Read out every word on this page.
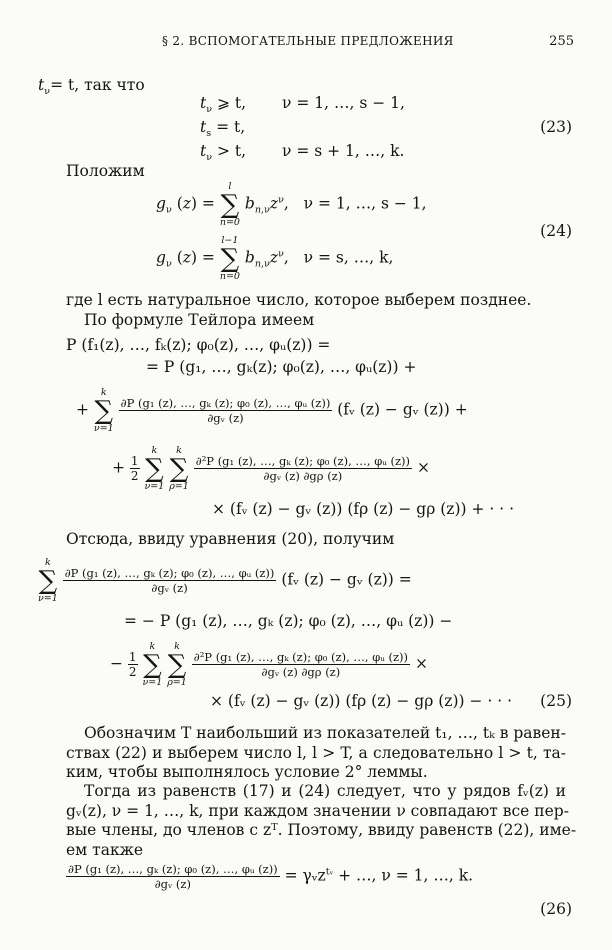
§ 2. ВСПОМОГАТЕЛЬНЫЕ ПРЕДЛОЖЕНИЯ	255
$t_\nu= t$, так что
$t_\nu$ ⩾ t, ν = 1, …, s − 1,
$t_s = t$,
$t_\nu > t$, ν = s + 1, …, k.
(23)
Положим
$g_\nu$ (z) =
l
∑
n=0
$b_{n,\nu}z^\nu$,   ν = 1, …, s − 1,
$g_\nu$ (z) =
l−1
∑
n=0
$b_{n,\nu}z^\nu$,   ν = s, …, k,
(24)
где l есть натуральное число, которое выберем позднее.
По формуле Тейлора имеем
P (f₁(z), …, fₖ(z); φ₀(z), …, φᵤ(z)) =
= P (g₁, …, gₖ(z); φ₀(z), …, φᵤ(z)) +
+
k
∑
ν=1

$\frac{\text{∂P (g₁ (z), …, gₖ (z); φ₀ (z), …, φᵤ (z))}}{\text{∂gᵥ (z)}}$ (fᵥ (z) − gᵥ (z)) +
+ $\frac{1}{2}$

k
∑
ν=1

k
∑
ρ=1

$\frac{\text{∂²P (g₁ (z), …, gₖ (z); φ₀ (z), …, φᵤ (z))}}{\text{∂gᵥ (z) ∂gρ (z)}}$ ×
× (fᵥ (z) − gᵥ (z)) (fρ (z) − gρ (z)) + · · ·
Отсюда, ввиду уравнения (20), получим
k
∑
ν=1

$\frac{\text{∂P (g₁ (z), …, gₖ (z); φ₀ (z), …, φᵤ (z))}}{\text{∂gᵥ (z)}}$ (fᵥ (z) − gᵥ (z)) =
= − P (g₁ (z), …, gₖ (z); φ₀ (z), …, φᵤ (z)) −
− $\frac{1}{2}$

k
∑
ν=1

k
∑
ρ=1

$\frac{\text{∂²P (g₁ (z), …, gₖ (z); φ₀ (z), …, φᵤ (z))}}{\text{∂gᵥ (z) ∂gρ (z)}}$ ×
× (fᵥ (z) − gᵥ (z)) (fρ (z) − gρ (z)) − · · · (25)
Обозначим T наибольший из показателей t₁, …, tₖ в равен-
ствах (22) и выберем число l, l > T, а следовательно l > t, та-
ким, чтобы выполнялось условие 2° леммы.
Тогда из равенств (17) и (24) следует, что у рядов fᵥ(z) и
gᵥ(z), ν = 1, …, k, при каждом значении ν совпадают все пер-
вые члены, до членов с zᵀ. Поэтому, ввиду равенств (22), име-
ем также
$\frac{\text{∂P (g₁ (z), …, gₖ (z); φ₀ (z), …, φᵤ (z))}}{\text{∂gᵥ (z)}}$ = γᵥz$^{tᵥ}$ + …, ν = 1, …, k.
(26)
